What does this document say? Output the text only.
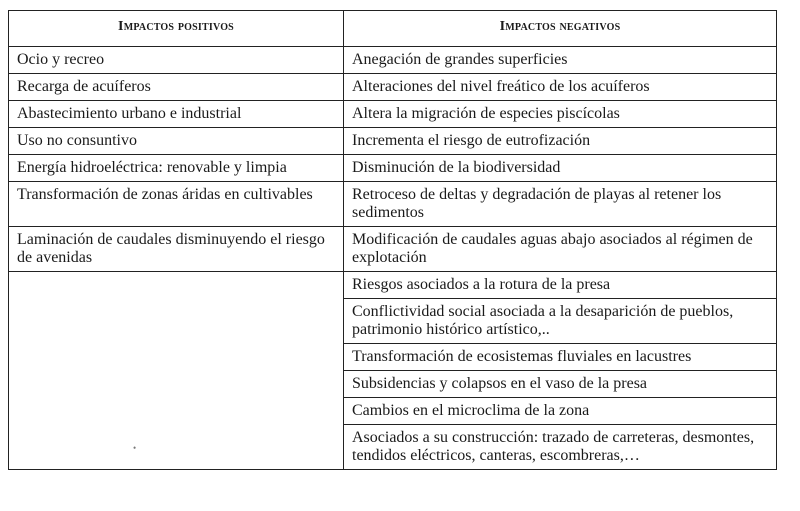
Impactos positivos	Impactos negativos
Ocio y recreo	Anegación de grandes superficies
Recarga de acuíferos	Alteraciones del nivel freático de los acuíferos
Abastecimiento urbano e industrial	Altera la migración de especies piscícolas
Uso no consuntivo	Incrementa el riesgo de eutrofización
Energía hidroeléctrica: renovable y limpia	Disminución de la biodiversidad
Transformación de zonas áridas en cultivables	Retroceso de deltas y degradación de playas al retener los sedimentos
Laminación de caudales disminuyendo el riesgo de avenidas	Modificación de caudales aguas abajo asociados al régimen de explotación
	Riesgos asociados a la rotura de la presa
	Conflictividad social asociada a la desaparición de pueblos, patrimonio histórico artístico,..
	Transformación de ecosistemas fluviales en lacustres
	Subsidencias y colapsos en el vaso de la presa
	Cambios en el microclima de la zona
	Asociados a su construcción: trazado de carreteras, desmontes, tendidos eléctricos, canteras, escombreras,…
•
